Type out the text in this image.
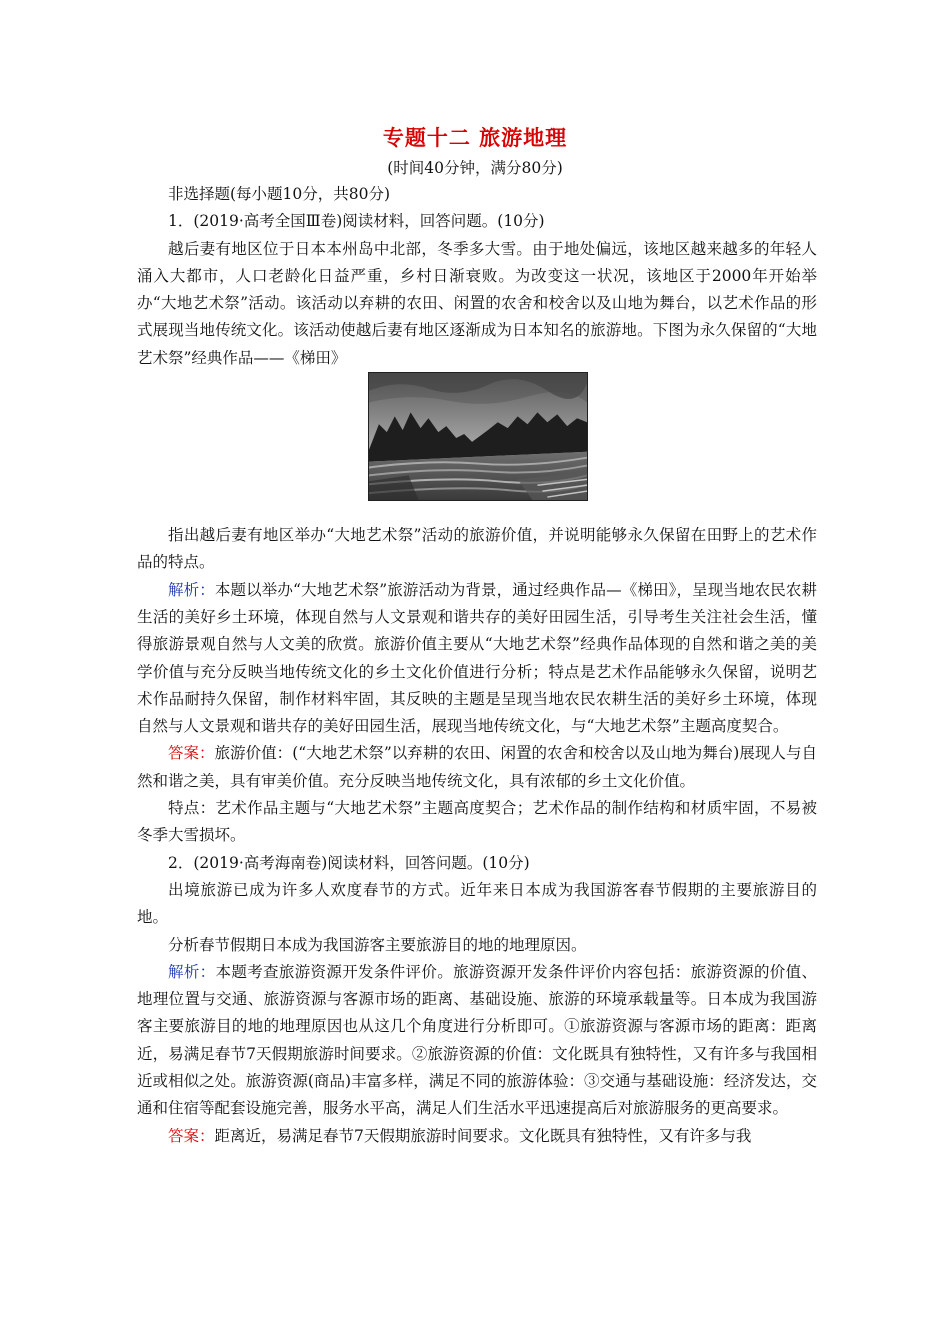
专题十二 旅游地理
(时间40分钟，满分80分)

非选择题(每小题10分，共80分)

1．(2019·高考全国Ⅲ卷)阅读材料，回答问题。(10分)

越后妻有地区位于日本本州岛中北部，冬季多大雪。由于地处偏远，该地区越来越多的年轻人涌入大都市，人口老龄化日益严重，乡村日渐衰败。为改变这一状况，该地区于2000年开始举办“大地艺术祭”活动。该活动以弃耕的农田、闲置的农舍和校舍以及山地为舞台，以艺术作品的形式展现当地传统文化。该活动使越后妻有地区逐渐成为日本知名的旅游地。下图为永久保留的“大地艺术祭”经典作品——《梯田》

指出越后妻有地区举办“大地艺术祭”活动的旅游价值，并说明能够永久保留在田野上的艺术作品的特点。

解析：本题以举办“大地艺术祭”旅游活动为背景，通过经典作品—《梯田》，呈现当地农民农耕生活的美好乡土环境，体现自然与人文景观和谐共存的美好田园生活，引导考生关注社会生活，懂得旅游景观自然与人文美的欣赏。旅游价值主要从“大地艺术祭”经典作品体现的自然和谐之美的美学价值与充分反映当地传统文化的乡土文化价值进行分析；特点是艺术作品能够永久保留，说明艺术作品耐持久保留，制作材料牢固，其反映的主题是呈现当地农民农耕生活的美好乡土环境，体现自然与人文景观和谐共存的美好田园生活，展现当地传统文化，与“大地艺术祭”主题高度契合。

答案：旅游价值：(“大地艺术祭”以弃耕的农田、闲置的农舍和校舍以及山地为舞台)展现人与自然和谐之美，具有审美价值。充分反映当地传统文化，具有浓郁的乡土文化价值。

特点：艺术作品主题与“大地艺术祭”主题高度契合；艺术作品的制作结构和材质牢固，不易被冬季大雪损坏。

2．(2019·高考海南卷)阅读材料，回答问题。(10分)

出境旅游已成为许多人欢度春节的方式。近年来日本成为我国游客春节假期的主要旅游目的地。

分析春节假期日本成为我国游客主要旅游目的地的地理原因。

解析：本题考查旅游资源开发条件评价。旅游资源开发条件评价内容包括：旅游资源的价值、地理位置与交通、旅游资源与客源市场的距离、基础设施、旅游的环境承载量等。日本成为我国游客主要旅游目的地的地理原因也从这几个角度进行分析即可。①旅游资源与客源市场的距离：距离近，易满足春节7天假期旅游时间要求。②旅游资源的价值：文化既具有独特性，又有许多与我国相近或相似之处。旅游资源(商品)丰富多样，满足不同的旅游体验：③交通与基础设施：经济发达，交通和住宿等配套设施完善，服务水平高，满足人们生活水平迅速提高后对旅游服务的更高要求。

答案：距离近，易满足春节7天假期旅游时间要求。文化既具有独特性，又有许多与我
